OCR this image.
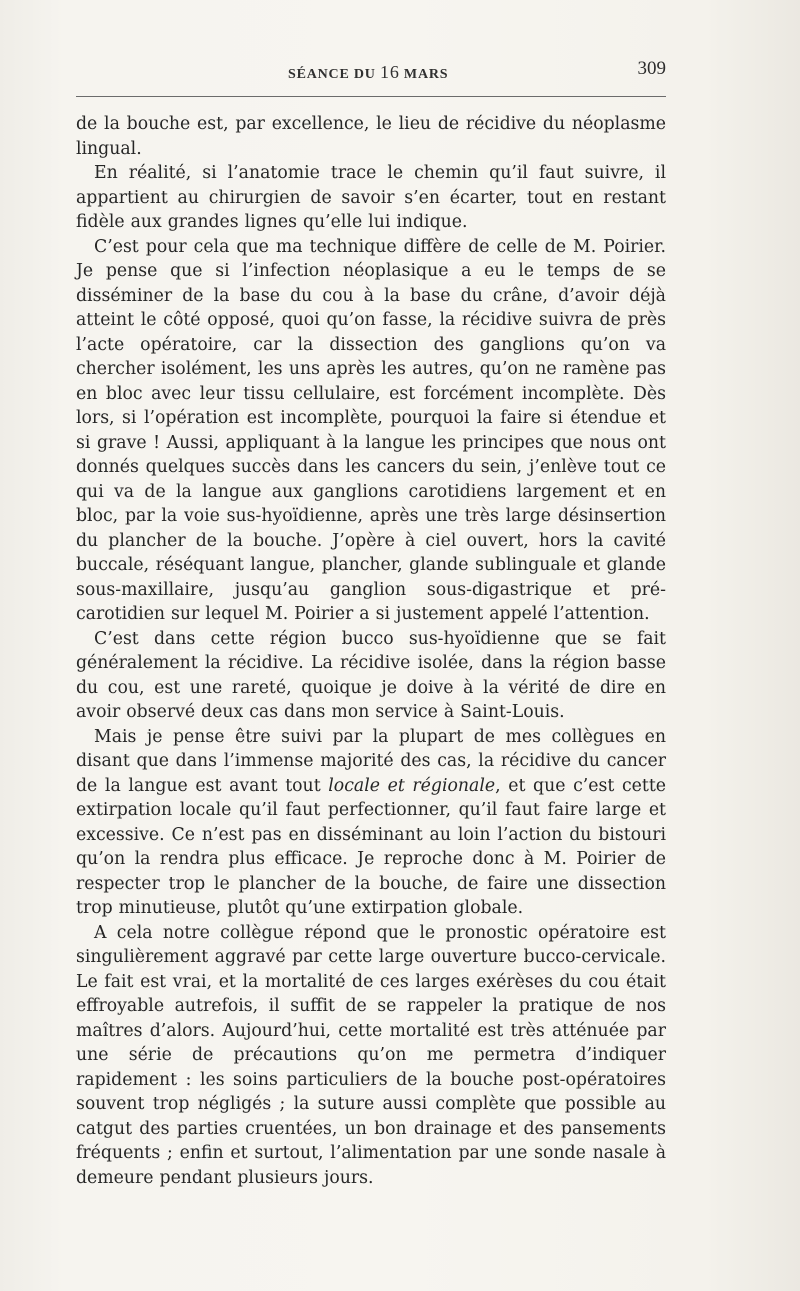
SÉANCE DU 16 MARS	309

de la bouche est, par excellence, le lieu de récidive du néoplasme lingual.

En réalité, si l’anatomie trace le chemin qu’il faut suivre, il appartient au chirurgien de savoir s’en écarter, tout en restant fidèle aux grandes lignes qu’elle lui indique.

C’est pour cela que ma technique diffère de celle de M. Poirier. Je pense que si l’infection néoplasique a eu le temps de se disséminer de la base du cou à la base du crâne, d’avoir déjà atteint le côté opposé, quoi qu’on fasse, la récidive suivra de près l’acte opératoire, car la dissection des ganglions qu’on va chercher isolément, les uns après les autres, qu’on ne ramène pas en bloc avec leur tissu cellulaire, est forcément incomplète. Dès lors, si l’opération est incomplète, pourquoi la faire si étendue et si grave ! Aussi, appliquant à la langue les principes que nous ont donnés quelques succès dans les cancers du sein, j’enlève tout ce qui va de la langue aux ganglions carotidiens largement et en bloc, par la voie sus-hyoïdienne, après une très large désinsertion du plancher de la bouche. J’opère à ciel ouvert, hors la cavité buccale, réséquant langue, plancher, glande sublinguale et glande sous-maxillaire, jusqu’au ganglion sous-digastrique et pré-carotidien sur lequel M. Poirier a si justement appelé l’attention.

C’est dans cette région bucco sus-hyoïdienne que se fait généralement la récidive. La récidive isolée, dans la région basse du cou, est une rareté, quoique je doive à la vérité de dire en avoir observé deux cas dans mon service à Saint-Louis.

Mais je pense être suivi par la plupart de mes collègues en disant que dans l’immense majorité des cas, la récidive du cancer de la langue est avant tout locale et régionale, et que c’est cette extirpation locale qu’il faut perfectionner, qu’il faut faire large et excessive. Ce n’est pas en disséminant au loin l’action du bistouri qu’on la rendra plus efficace. Je reproche donc à M. Poirier de respecter trop le plancher de la bouche, de faire une dissection trop minutieuse, plutôt qu’une extirpation globale.

A cela notre collègue répond que le pronostic opératoire est singulièrement aggravé par cette large ouverture bucco-cervicale. Le fait est vrai, et la mortalité de ces larges exérèses du cou était effroyable autrefois, il suffit de se rappeler la pratique de nos maîtres d’alors. Aujourd’hui, cette mortalité est très atténuée par une série de précautions qu’on me permetra d’indiquer rapidement : les soins particuliers de la bouche post-opératoires souvent trop négligés ; la suture aussi complète que possible au catgut des parties cruentées, un bon drainage et des pansements fréquents ; enfin et surtout, l’alimentation par une sonde nasale à demeure pendant plusieurs jours.
